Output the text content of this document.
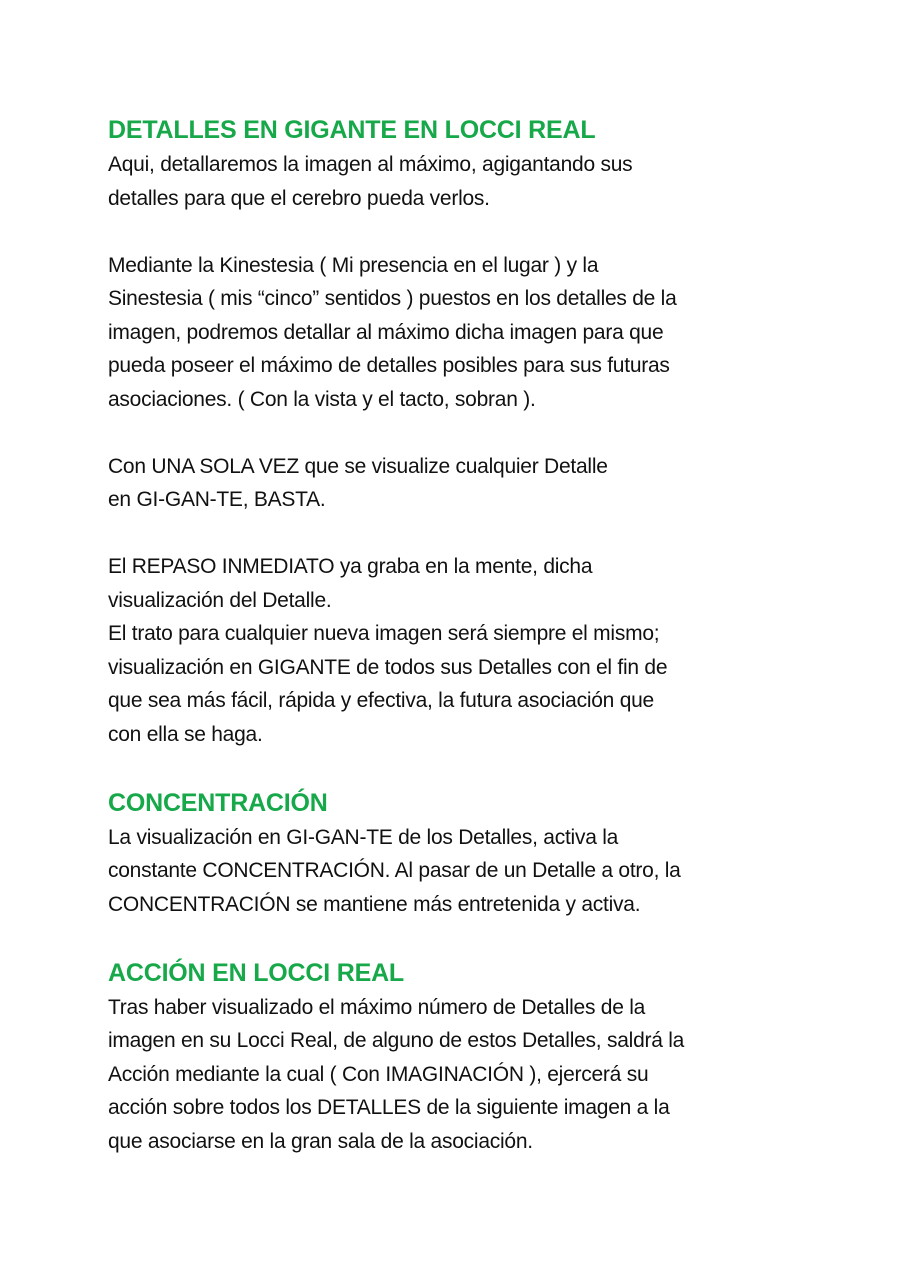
DETALLES EN GIGANTE EN LOCCI REAL
Aqui, detallaremos la imagen al máximo, agigantando sus
detalles para que el cerebro pueda verlos.
Mediante la Kinestesia ( Mi presencia en el lugar ) y la
Sinestesia ( mis “cinco” sentidos ) puestos en los detalles de la
imagen, podremos detallar al máximo dicha imagen para que
pueda poseer el máximo de detalles posibles para sus futuras
asociaciones. ( Con la vista y el tacto, sobran ).
Con UNA SOLA VEZ que se visualize cualquier Detalle
en GI-GAN-TE, BASTA.
El REPASO INMEDIATO ya graba en la mente, dicha
visualización del Detalle.
El trato para cualquier nueva imagen será siempre el mismo;
visualización en GIGANTE de todos sus Detalles con el fin de
que sea más fácil, rápida y efectiva, la futura asociación que
con ella se haga.
CONCENTRACIÓN
La visualización en GI-GAN-TE de los Detalles, activa la
constante CONCENTRACIÓN. Al pasar de un Detalle a otro, la
CONCENTRACIÓN se mantiene más entretenida y activa.
ACCIÓN EN LOCCI REAL
Tras haber visualizado el máximo número de Detalles de la
imagen en su Locci Real, de alguno de estos Detalles, saldrá la
Acción mediante la cual ( Con IMAGINACIÓN ), ejercerá su
acción sobre todos los DETALLES de la siguiente imagen a la
que asociarse en la gran sala de la asociación.
